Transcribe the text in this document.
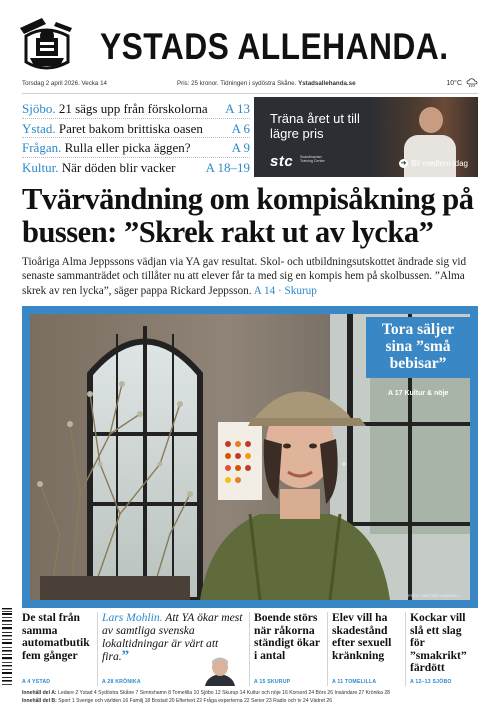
YSTADS ALLEHANDA.
Torsdag 2 april 2026. Vecka 14	Pris: 25 kronor. Tidningen i sydöstra Skåne. Ystadsallehanda.se	10°C
Sjöbo. 21 sägs upp från förskolorna A 13
Ystad. Paret bakom brittiska oasen A 6
Frågan. Rulla eller picka äggen?	A 9
Kultur. När döden blir vacker A 18–19
Träna året ut till lägre pris
stc Scandinavian Training Center	➜ Bli medlem idag
Tvärvändning om kompisåkning på bussen: ”Skrek rakt ut av lycka”

Tioåriga Alma Jeppssons vädjan via YA gav resultat. Skol- och utbildningsutskottet ändrade sig vid senaste sammanträdet och tillåter nu att elever får ta med sig en kompis hem på skolbussen. ”Alma skrek av ren lycka”, säger pappa Rickard Jeppsson. A 14 · Skurup

FOTO: MATTIAS LUNDVALL
Tora säljer sina ”små bebisar”
A 17 Kultur & nöje
De stal från samma automatbutik fem gånger
A 4 YSTAD
Lars Mohlin. Att YA ökar mest av samtliga svenska lokaltidningar är värt att fira.”
A 28 KRÖNIKA
Boende störs när råkorna ständigt ökar i antal
A 15 SKURUP
Elev vill ha skadestånd efter sexuell kränkning
A 11 TOMELILLA
Kockar vill slå ett slag för ”smakrikt” färdött
A 12–13 SJÖBO
Innehåll del A: Ledare 2 Ystad 4 Sydöstra Skåne 7 Simrishamn 8 Tomelilla 10 Sjöbo 12 Skurup 14 Kultur och nöje 16 Korsord 24 Börs 26 Insändare 27 Krönika 28
Innehåll del B: Sport 1 Sverige och världen 16 Familj 18 Bostad 20 Eftertext 22 Fråga experterna 22 Serier 23 Radio och tv 24 Vädret 26
